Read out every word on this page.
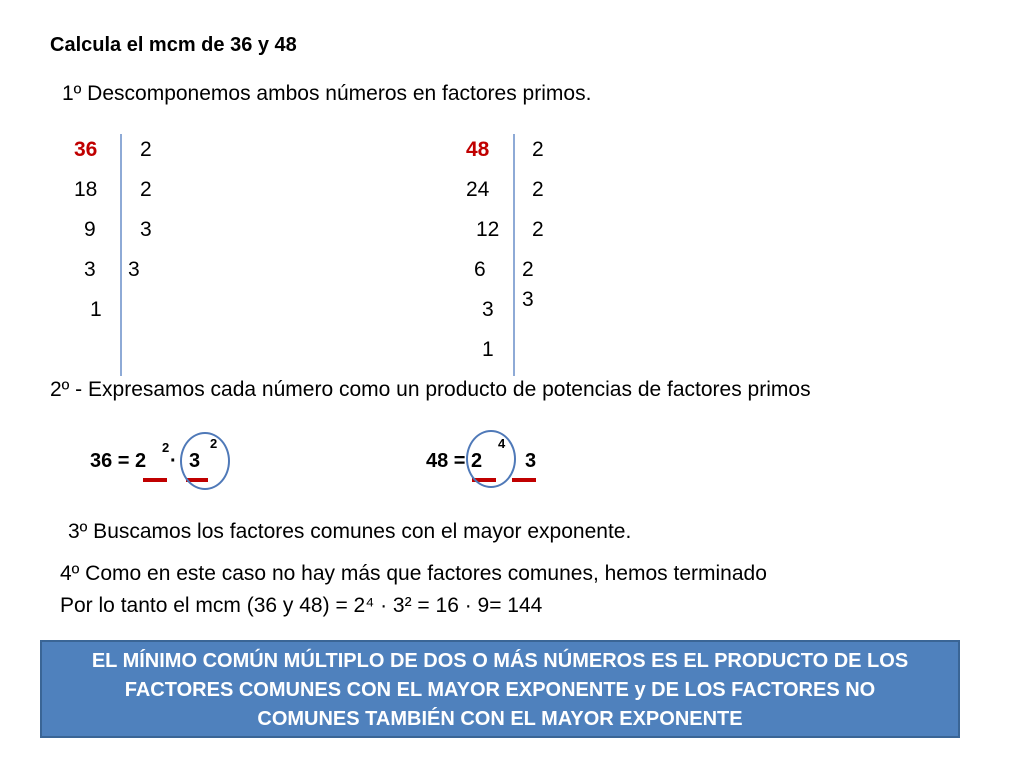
Calcula el mcm de 36 y 48
1º Descomponemos ambos números en factores primos.
36
18
9
3
1
2
2
3
3
48
24
12
6
3
1
2
2
2
2
3
2º - Expresamos cada número como un producto de potencias de factores primos
36 = 2
2
· 3
2
48 = 2
4
3
3º Buscamos los factores comunes con el mayor exponente.
4º Como en este caso no hay más que factores comunes, hemos terminado
Por lo tanto el mcm (36 y 48) = 2⁴ · 3² = 16 · 9= 144
EL MÍNIMO COMÚN MÚLTIPLO DE DOS O MÁS NÚMEROS ES EL PRODUCTO DE LOS
FACTORES COMUNES CON EL MAYOR EXPONENTE y DE LOS FACTORES NO
COMUNES TAMBIÉN CON EL MAYOR EXPONENTE
